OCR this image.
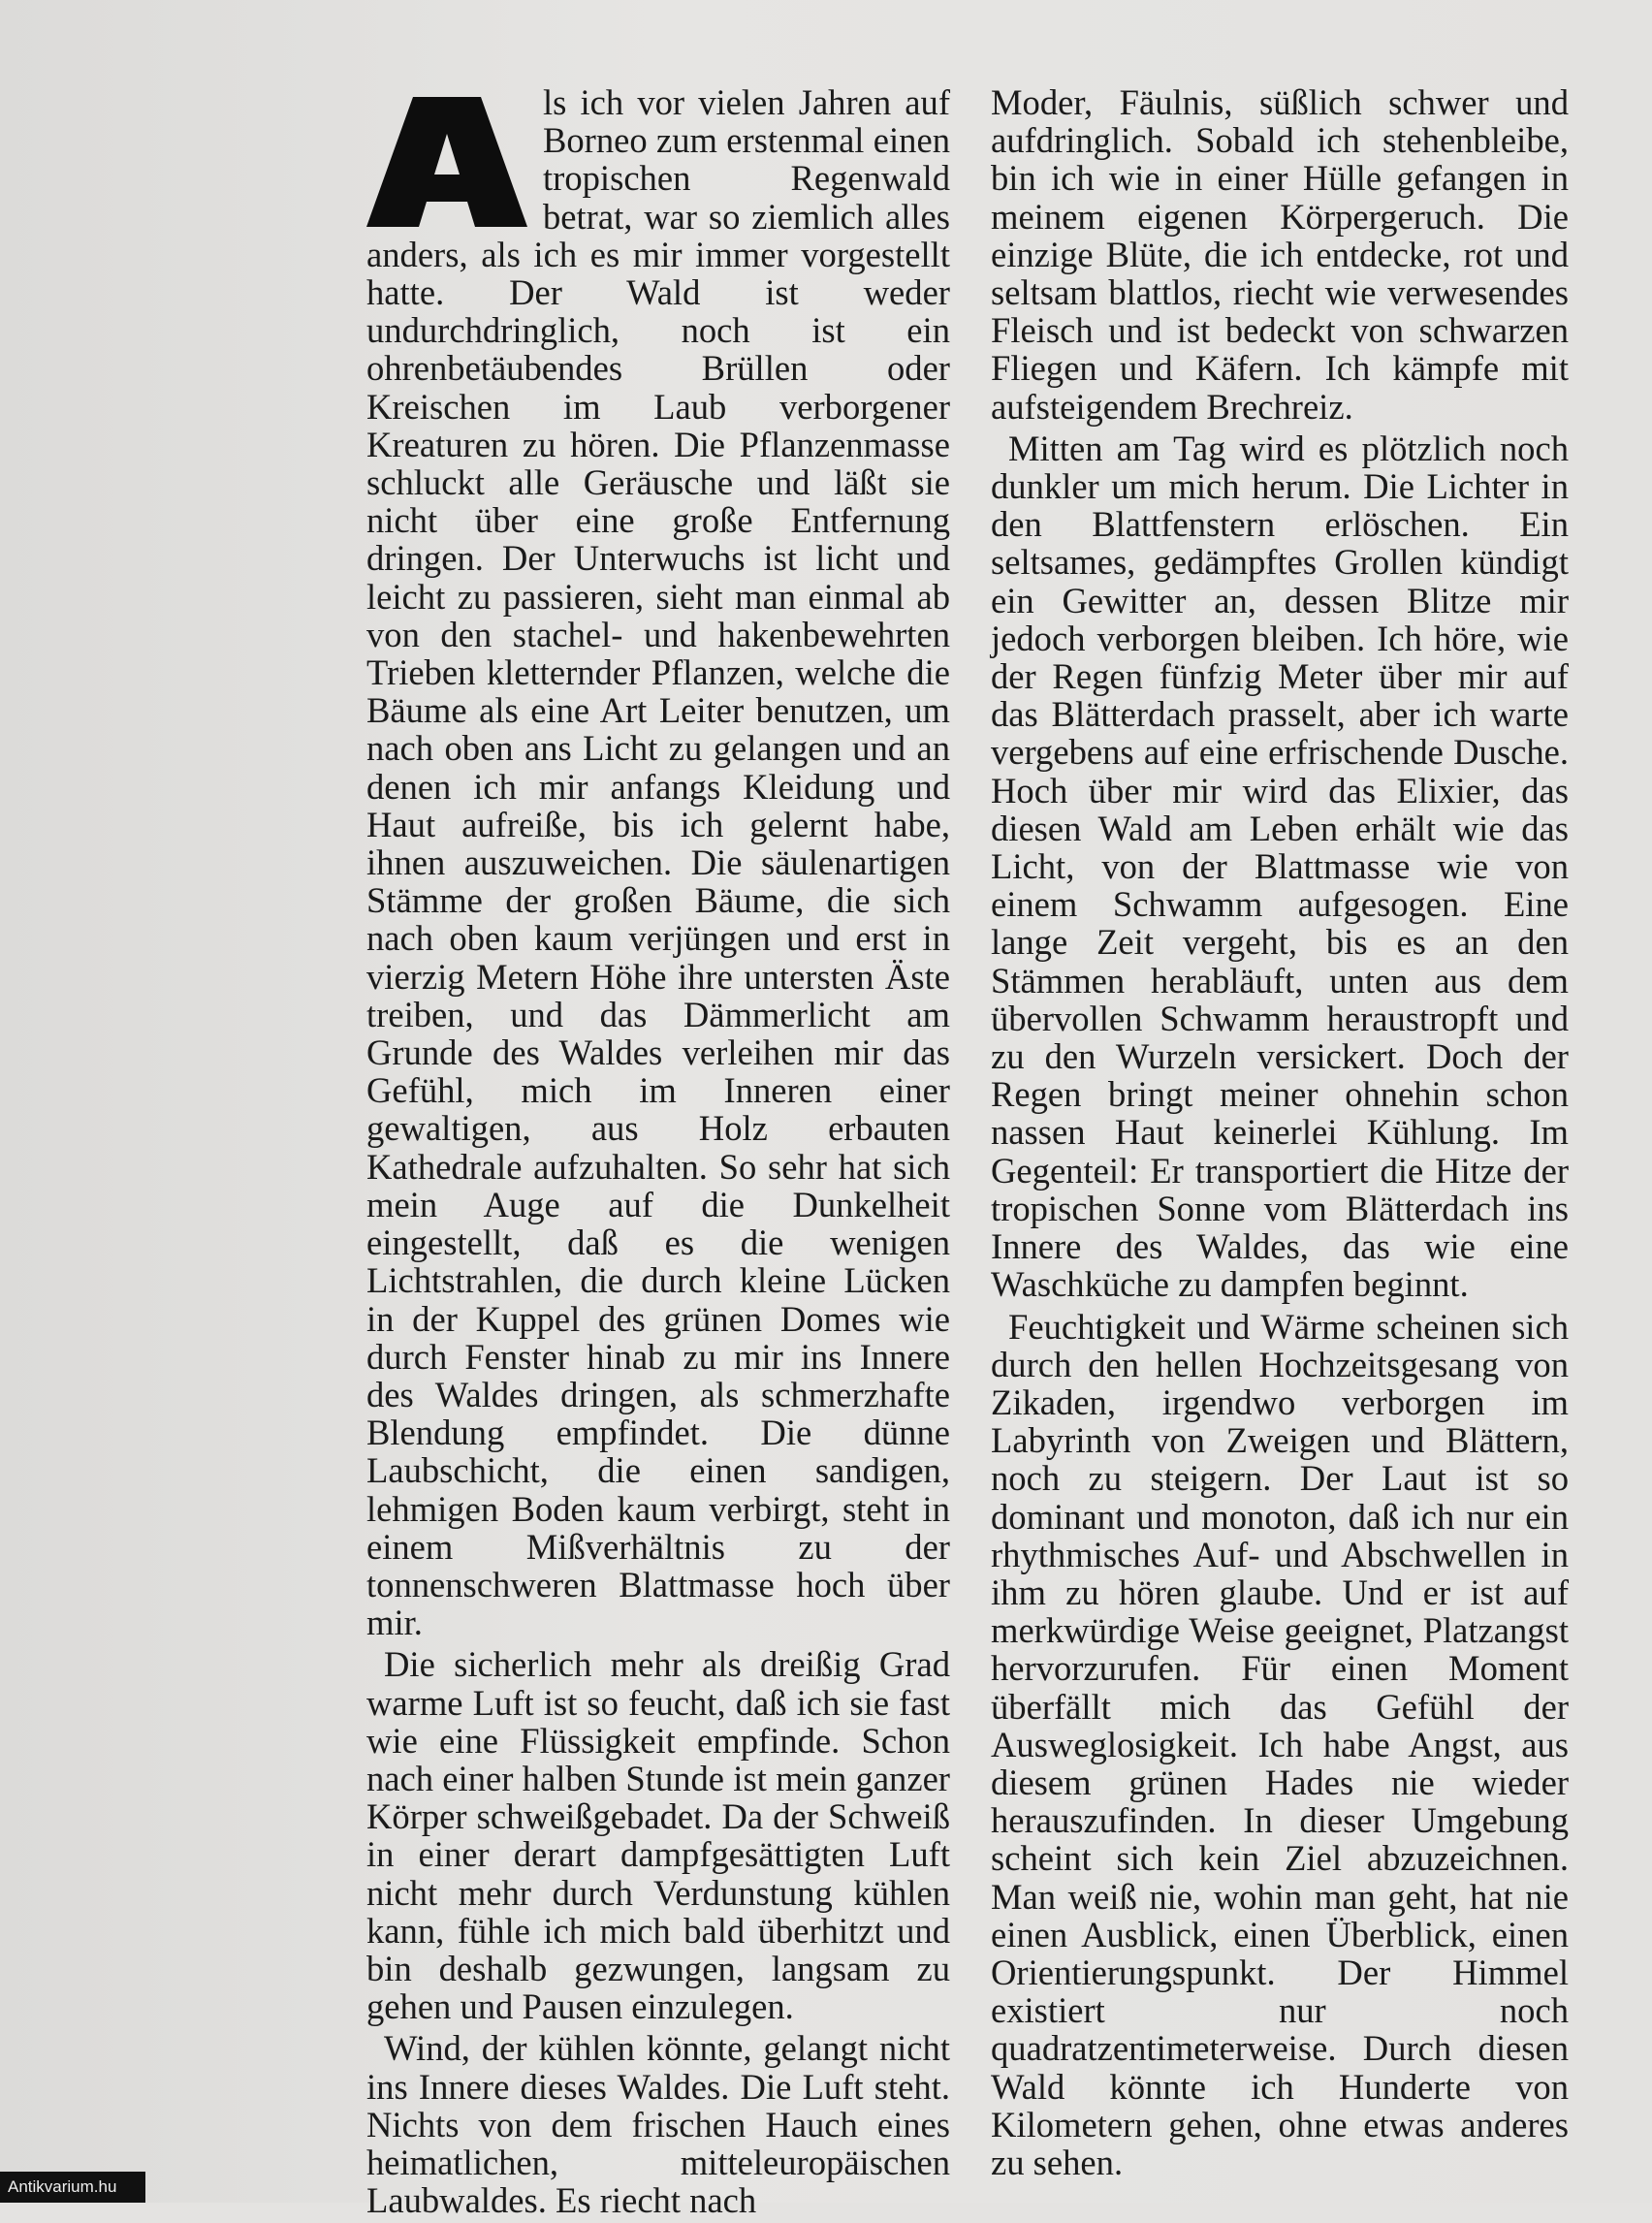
ls ich vor vielen Jahren auf Borneo zum erstenmal einen tropischen Regenwald betrat, war so ziemlich alles anders, als ich es mir immer vorgestellt hatte. Der Wald ist weder undurchdringlich, noch ist ein ohrenbetäubendes Brüllen oder Kreischen im Laub verborgener Kreaturen zu hören. Die Pflanzenmasse schluckt alle Geräusche und läßt sie nicht über eine große Entfernung dringen. Der Unterwuchs ist licht und leicht zu passieren, sieht man einmal ab von den stachel- und hakenbewehrten Trieben kletternder Pflanzen, welche die Bäume als eine Art Leiter benutzen, um nach oben ans Licht zu gelangen und an denen ich mir anfangs Kleidung und Haut aufreiße, bis ich gelernt habe, ihnen auszuweichen. Die säulenartigen Stämme der großen Bäume, die sich nach oben kaum verjüngen und erst in vierzig Metern Höhe ihre untersten Äste treiben, und das Dämmerlicht am Grunde des Waldes verleihen mir das Gefühl, mich im Inneren einer gewaltigen, aus Holz erbauten Kathedrale aufzuhalten. So sehr hat sich mein Auge auf die Dunkelheit eingestellt, daß es die wenigen Lichtstrahlen, die durch kleine Lücken in der Kuppel des grünen Domes wie durch Fenster hinab zu mir ins Innere des Waldes dringen, als schmerzhafte Blendung empfindet. Die dünne Laubschicht, die einen sandigen, lehmigen Boden kaum verbirgt, steht in einem Mißverhältnis zu der tonnenschweren Blattmasse hoch über mir.

Die sicherlich mehr als dreißig Grad warme Luft ist so feucht, daß ich sie fast wie eine Flüssigkeit empfinde. Schon nach einer halben Stunde ist mein ganzer Körper schweißgebadet. Da der Schweiß in einer derart dampfgesättigten Luft nicht mehr durch Verdunstung kühlen kann, fühle ich mich bald überhitzt und bin deshalb gezwungen, langsam zu gehen und Pausen einzulegen.

Wind, der kühlen könnte, gelangt nicht ins Innere dieses Waldes. Die Luft steht. Nichts von dem frischen Hauch eines heimatlichen, mitteleuropäischen Laubwaldes. Es riecht nach

Moder, Fäulnis, süßlich schwer und aufdringlich. Sobald ich stehenbleibe, bin ich wie in einer Hülle gefangen in meinem eigenen Körpergeruch. Die einzige Blüte, die ich entdecke, rot und seltsam blattlos, riecht wie verwesendes Fleisch und ist bedeckt von schwarzen Fliegen und Käfern. Ich kämpfe mit aufsteigendem Brechreiz.

Mitten am Tag wird es plötzlich noch dunkler um mich herum. Die Lichter in den Blattfenstern erlöschen. Ein seltsames, gedämpftes Grollen kündigt ein Gewitter an, dessen Blitze mir jedoch verborgen bleiben. Ich höre, wie der Regen fünfzig Meter über mir auf das Blätterdach prasselt, aber ich warte vergebens auf eine erfrischende Dusche. Hoch über mir wird das Elixier, das diesen Wald am Leben erhält wie das Licht, von der Blattmasse wie von einem Schwamm aufgesogen. Eine lange Zeit vergeht, bis es an den Stämmen herabläuft, unten aus dem übervollen Schwamm heraustropft und zu den Wurzeln versickert. Doch der Regen bringt meiner ohnehin schon nassen Haut keinerlei Kühlung. Im Gegenteil: Er transportiert die Hitze der tropischen Sonne vom Blätterdach ins Innere des Waldes, das wie eine Waschküche zu dampfen beginnt.

Feuchtigkeit und Wärme scheinen sich durch den hellen Hochzeitsgesang von Zikaden, irgendwo verborgen im Labyrinth von Zweigen und Blättern, noch zu steigern. Der Laut ist so dominant und monoton, daß ich nur ein rhythmisches Auf- und Abschwellen in ihm zu hören glaube. Und er ist auf merkwürdige Weise geeignet, Platzangst hervorzurufen. Für einen Moment überfällt mich das Gefühl der Ausweglosigkeit. Ich habe Angst, aus diesem grünen Hades nie wieder herauszufinden. In dieser Umgebung scheint sich kein Ziel abzuzeichnen. Man weiß nie, wohin man geht, hat nie einen Ausblick, einen Überblick, einen Orientierungspunkt. Der Himmel existiert nur noch quadratzentimeterweise. Durch diesen Wald könnte ich Hunderte von Kilometern gehen, ohne etwas anderes zu sehen.

Antikvarium.hu
